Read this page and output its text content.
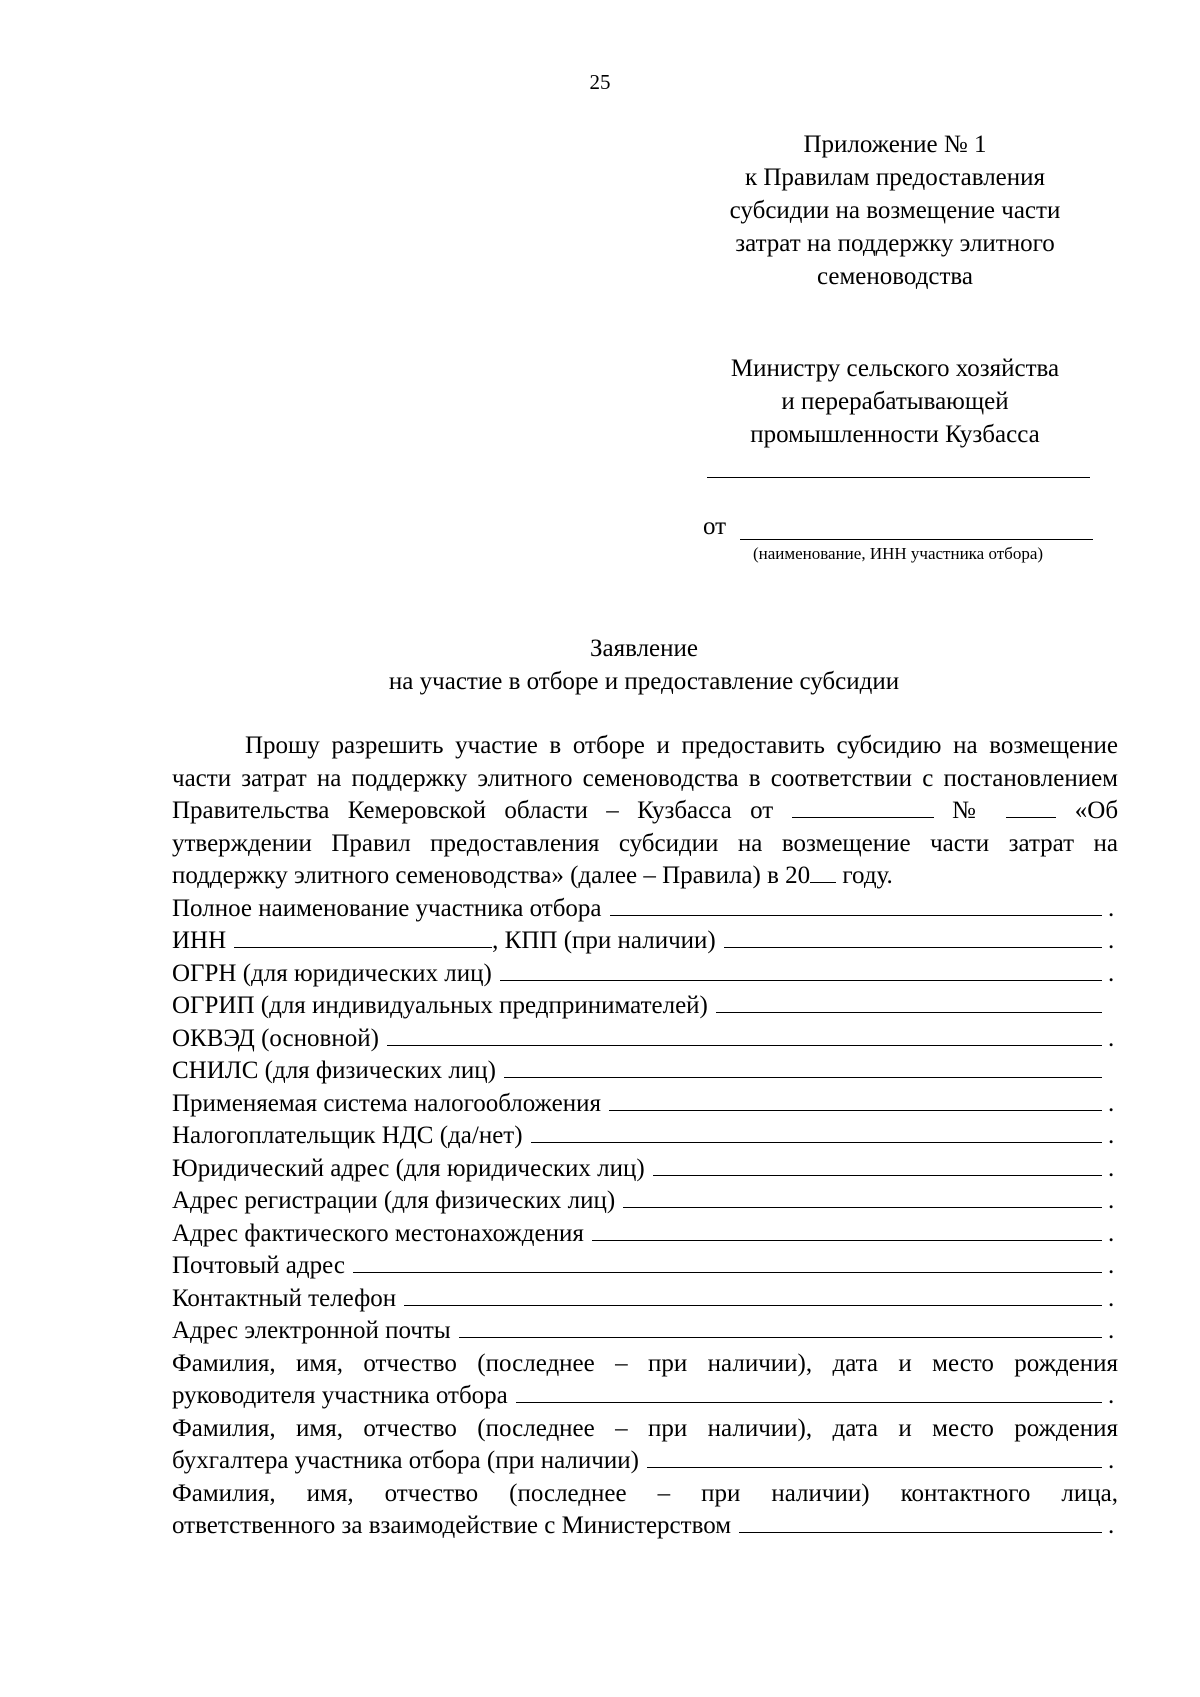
25
Приложение № 1
к Правилам предоставления
субсидии на возмещение части
затрат на поддержку элитного
семеноводства
Министру сельского хозяйства
и перерабатывающей
промышленности Кузбасса
от
(наименование, ИНН участника отбора)
Заявление
на участие в отборе и предоставление субсидии

Прошу разрешить участие в отборе и предоставить субсидию на возмещение части затрат на поддержку элитного семеноводства в соответствии с постановлением Правительства Кемеровской области – Кузбасса от	№	«Об утверждении Правил предоставления субсидии на возмещение части затрат на поддержку элитного семеноводства» (далее – Правила) в 20 году.

Полное наименование участника отбора	.
ИНН	, КПП (при наличии)	.
ОГРН (для юридических лиц)	.
ОГРИП (для индивидуальных предпринимателей)
ОКВЭД (основной)	.
СНИЛС (для физических лиц)
Применяемая система налогообложения	.
Налогоплательщик НДС (да/нет)	.
Юридический адрес (для юридических лиц)	.
Адрес регистрации (для физических лиц)	.
Адрес фактического местонахождения	.
Почтовый адрес	.
Контактный телефон	.
Адрес электронной почты	.
Фамилия, имя, отчество (последнее – при наличии), дата и место рождения
руководителя участника отбора	.
Фамилия, имя, отчество (последнее – при наличии), дата и место рождения
бухгалтера участника отбора (при наличии)	.
Фамилия, имя, отчество (последнее – при наличии) контактного лица,
ответственного за взаимодействие с Министерством	.
